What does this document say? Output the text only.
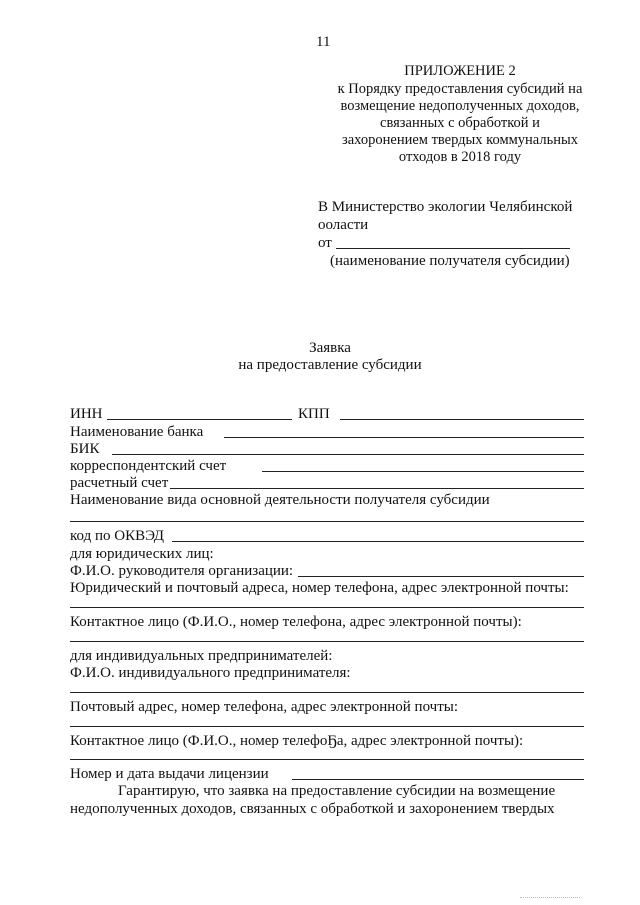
11
ПРИЛОЖЕНИЕ 2
к Порядку предоставления субсидий на
возмещение недополученных доходов,
связанных с обработкой и
захоронением твердых коммунальных
отходов в 2018 году
В Министерство экологии Челябинской
ооласти
от
(наименование получателя субсидии)
Заявка
на предоставление субсидии
ИНН	КПП
Наименование банка
БИК
корреспондентский счет
расчетный счет
Наименование вида основной деятельности получателя субсидии
код по ОКВЭД
для юридических лиц:
Ф.И.О. руководителя организации:
Юридический и почтовый адреса, номер телефона, адрес электронной почты:
Контактное лицо (Ф.И.О., номер телефона, адрес электронной почты):
для индивидуальных предпринимателей:
Ф.И.О. индивидуального предпринимателя:
Почтовый адрес, номер телефона, адрес электронной почты:
Контактное лицо (Ф.И.О., номер телефоҔа, адрес электронной почты):
Номер и дата выдачи лицензии
Гарантирую, что заявка на предоставление субсидии на возмещение
недополученных доходов, связанных с обработкой и захоронением твердых
